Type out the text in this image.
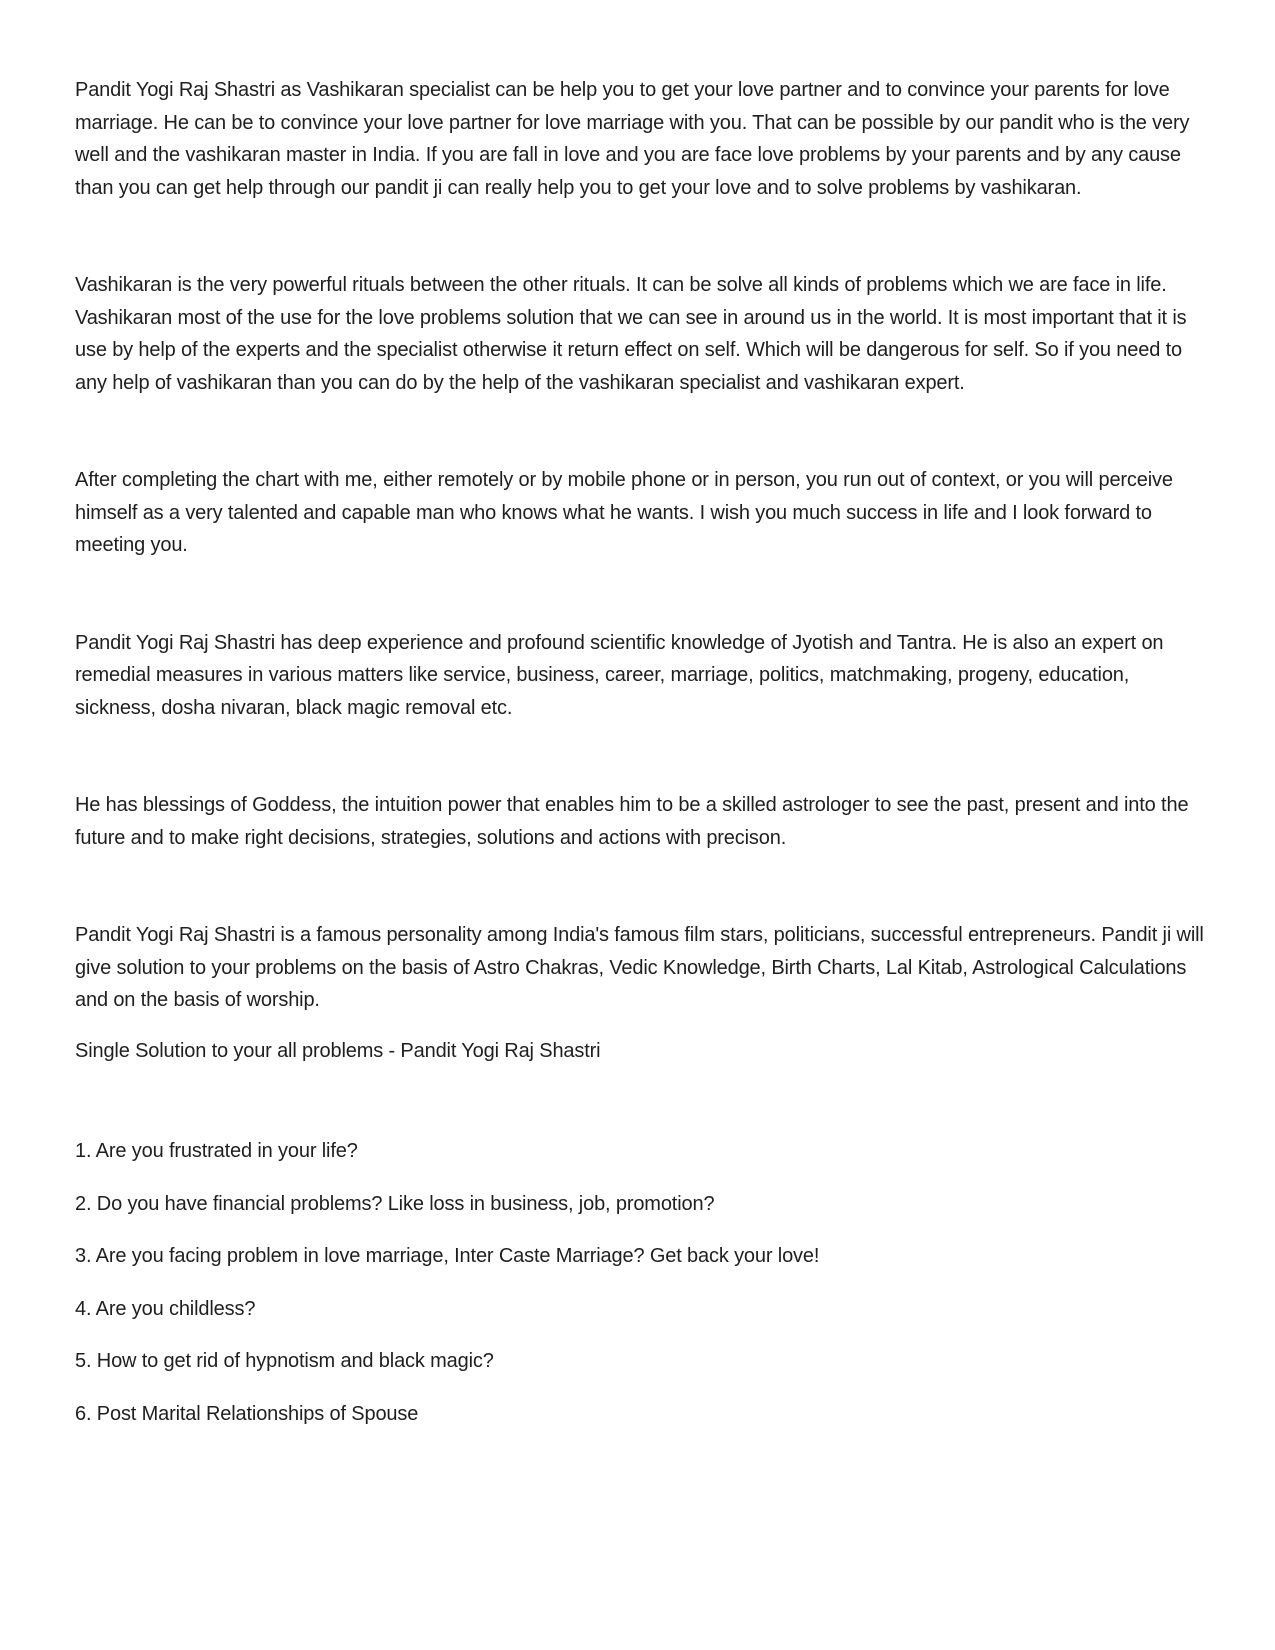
Pandit Yogi Raj Shastri as Vashikaran specialist can be help you to get your love partner and to convince your parents for love marriage. He can be to convince your love partner for love marriage with you. That can be possible by our pandit who is the very well and the vashikaran master in India. If you are fall in love and you are face love problems by your parents and by any cause than you can get help through our pandit ji can really help you to get your love and to solve problems by vashikaran.

Vashikaran is the very powerful rituals between the other rituals. It can be solve all kinds of problems which we are face in life. Vashikaran most of the use for the love problems solution that we can see in around us in the world. It is most important that it is use by help of the experts and the specialist otherwise it return effect on self. Which will be dangerous for self. So if you need to any help of vashikaran than you can do by the help of the vashikaran specialist and vashikaran expert.

After completing the chart with me, either remotely or by mobile phone or in person, you run out of context, or you will perceive himself as a very talented and capable man who knows what he wants. I wish you much success in life and I look forward to meeting you.

Pandit Yogi Raj Shastri has deep experience and profound scientific knowledge of Jyotish and Tantra. He is also an expert on remedial measures in various matters like service, business, career, marriage, politics, matchmaking, progeny, education, sickness, dosha nivaran, black magic removal etc.

He has blessings of Goddess, the intuition power that enables him to be a skilled astrologer to see the past, present and into the future and to make right decisions, strategies, solutions and actions with precison.

Pandit Yogi Raj Shastri is a famous personality among India's famous film stars, politicians, successful entrepreneurs. Pandit ji will give solution to your problems on the basis of Astro Chakras, Vedic Knowledge, Birth Charts, Lal Kitab, Astrological Calculations and on the basis of worship.

Single Solution to your all problems - Pandit Yogi Raj Shastri

1. Are you frustrated in your life?
2. Do you have financial problems? Like loss in business, job, promotion?
3. Are you facing problem in love marriage, Inter Caste Marriage? Get back your love!
4. Are you childless?
5. How to get rid of hypnotism and black magic?
6. Post Marital Relationships of Spouse
